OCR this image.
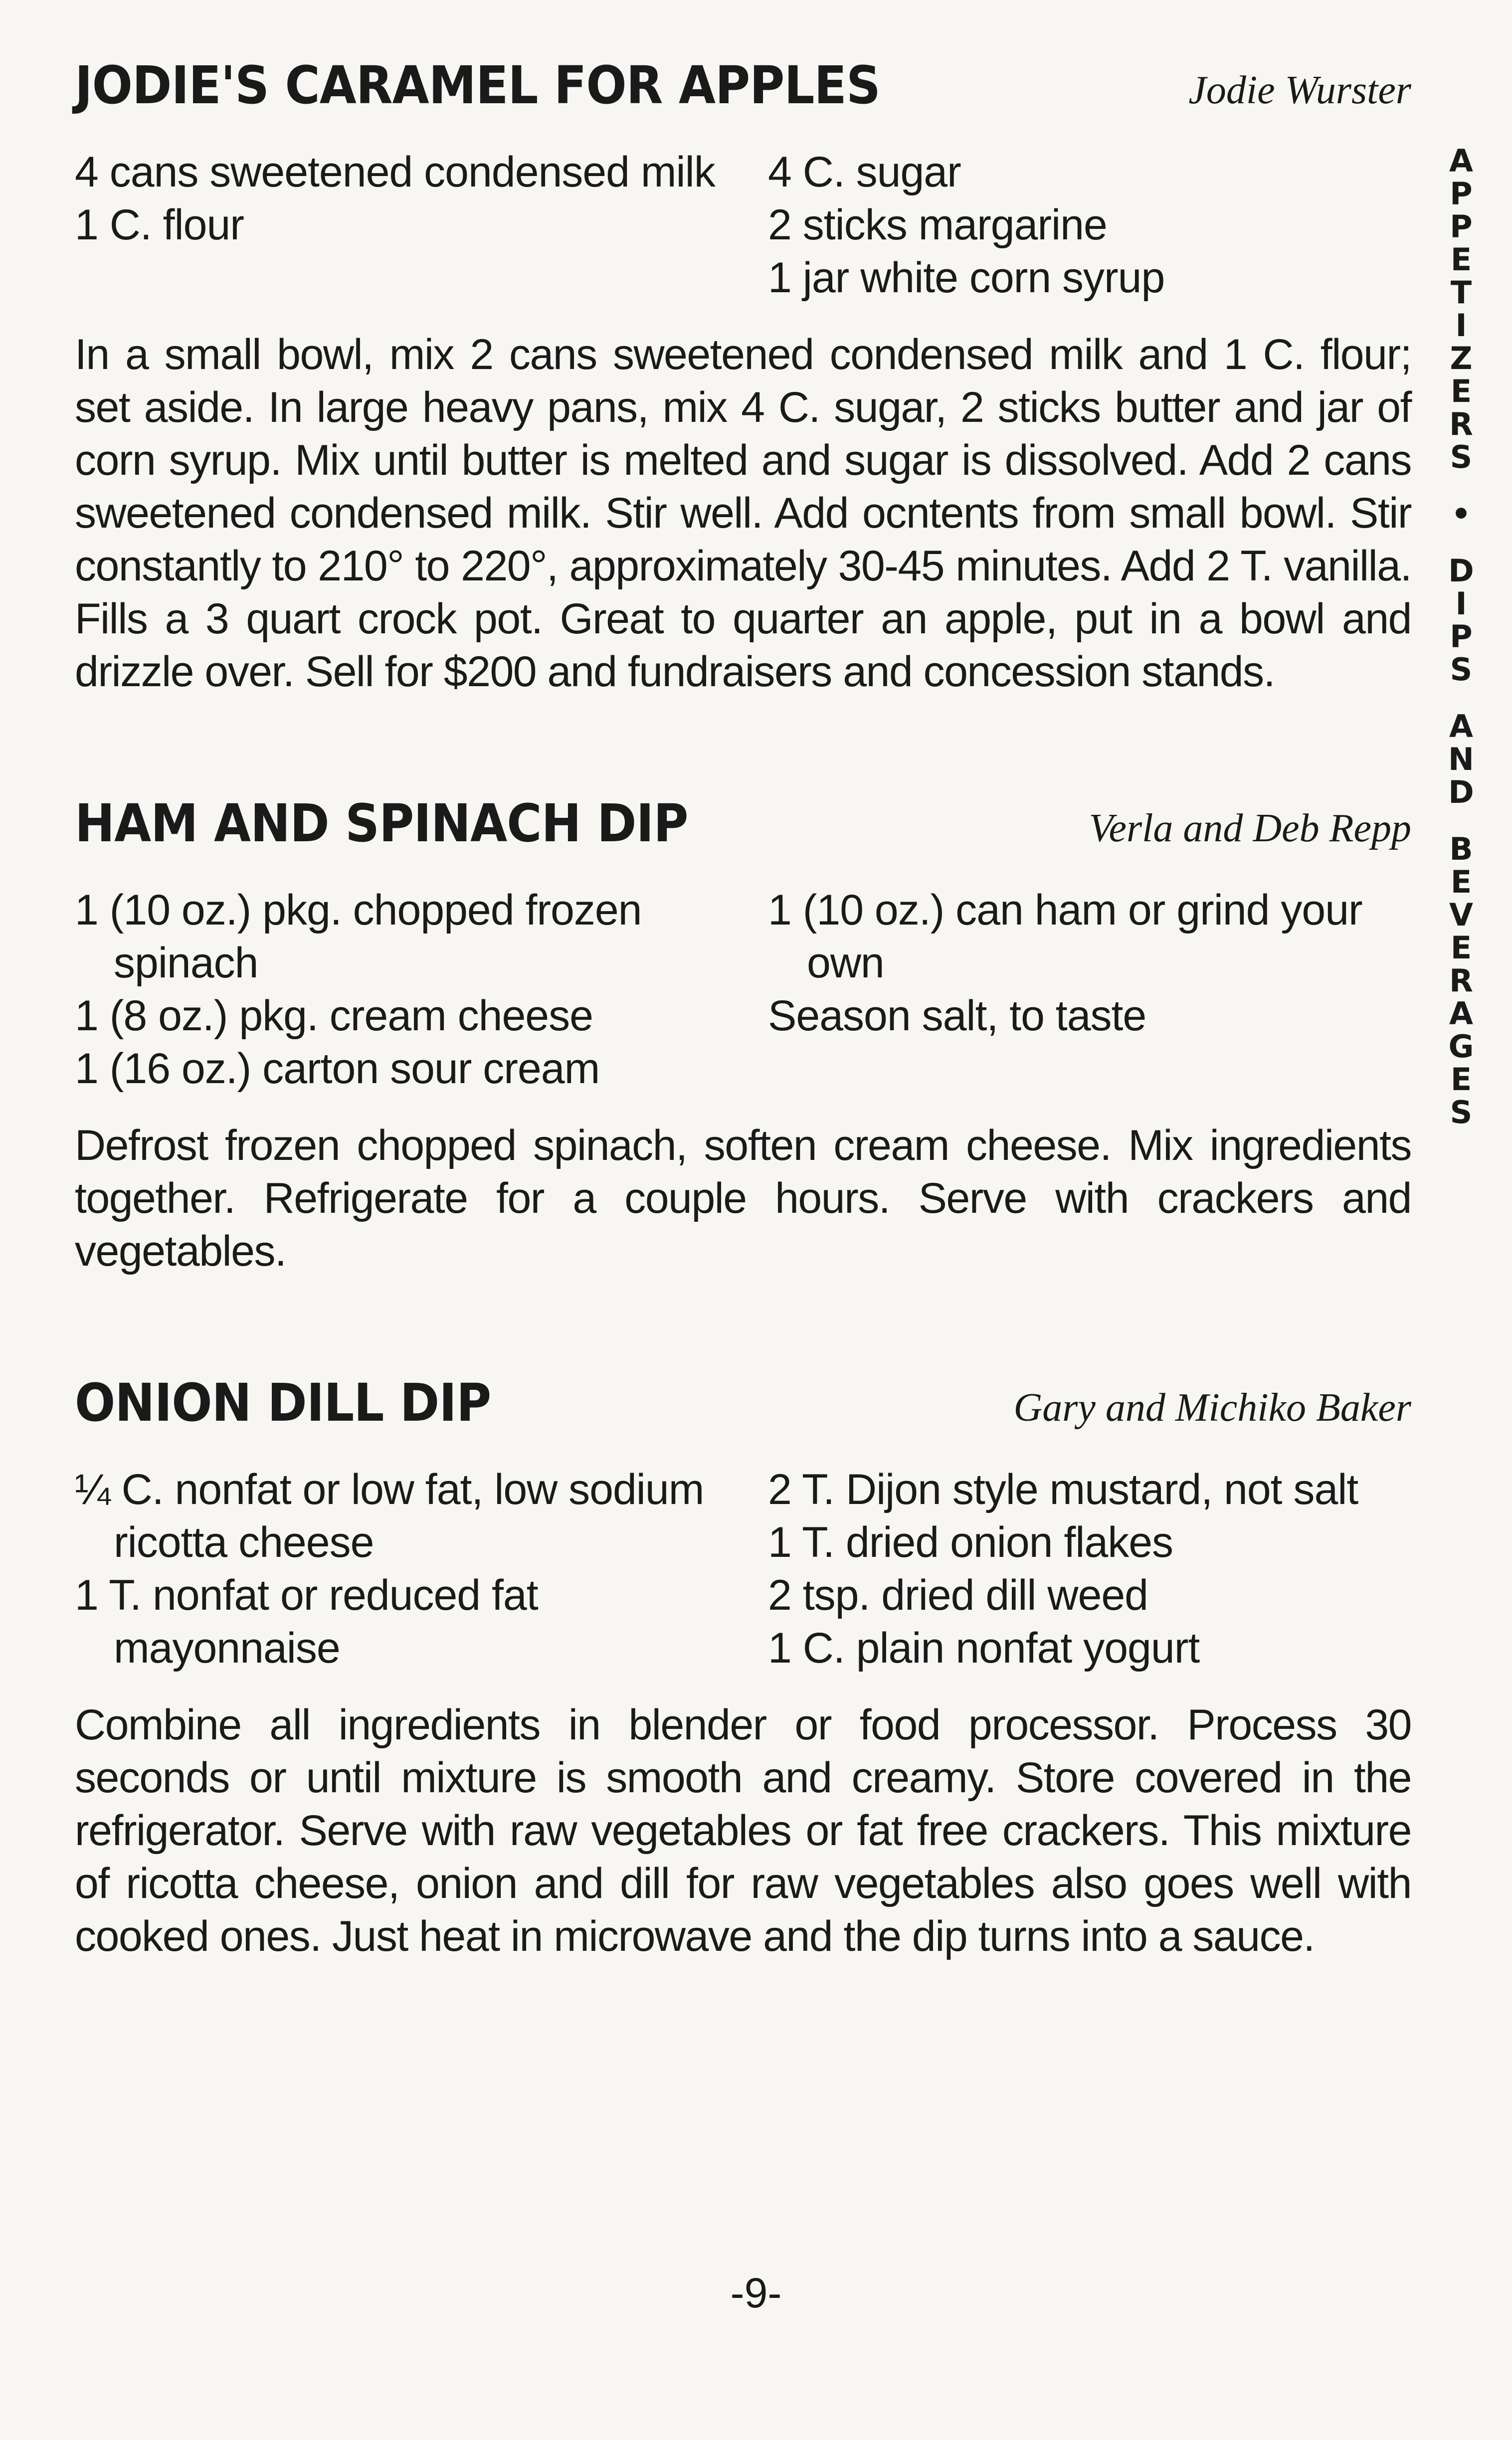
JODIE'S CARAMEL FOR APPLES	Jodie Wurster
4 cans sweetened condensed milk
1 C. flour
4 C. sugar
2 sticks margarine
1 jar white corn syrup
In a small bowl, mix 2 cans sweetened condensed milk and 1 C. flour; set aside. In large heavy pans, mix 4 C. sugar, 2 sticks butter and jar of corn syrup. Mix until butter is melted and sugar is dissolved. Add 2 cans sweetened condensed milk. Stir well. Add ocntents from small bowl. Stir constantly to 210° to 220°, approximately 30-45 minutes. Add 2 T. vanilla. Fills a 3 quart crock pot. Great to quarter an apple, put in a bowl and drizzle over. Sell for $200 and fundraisers and concession stands.
HAM AND SPINACH DIP	Verla and Deb Repp
1 (10 oz.) pkg. chopped frozen spinach
1 (8 oz.) pkg. cream cheese
1 (16 oz.) carton sour cream
1 (10 oz.) can ham or grind your own
Season salt, to taste
Defrost frozen chopped spinach, soften cream cheese. Mix ingredients together. Refrigerate for a couple hours. Serve with crackers and vegetables.
ONION DILL DIP	Gary and Michiko Baker
¼ C. nonfat or low fat, low sodium ricotta cheese
1 T. nonfat or reduced fat mayonnaise
2 T. Dijon style mustard, not salt
1 T. dried onion flakes
2 tsp. dried dill weed
1 C. plain nonfat yogurt
Combine all ingredients in blender or food processor. Process 30 seconds or until mixture is smooth and creamy. Store covered in the refrigerator. Serve with raw vegetables or fat free crackers. This mixture of ricotta cheese, onion and dill for raw vegetables also goes well with cooked ones. Just heat in microwave and the dip turns into a sauce.
A
P
P
E
T
I
Z
E
R
S
•
D
I
P
S
A
N
D
B
E
V
E
R
A
G
E
S
-9-
